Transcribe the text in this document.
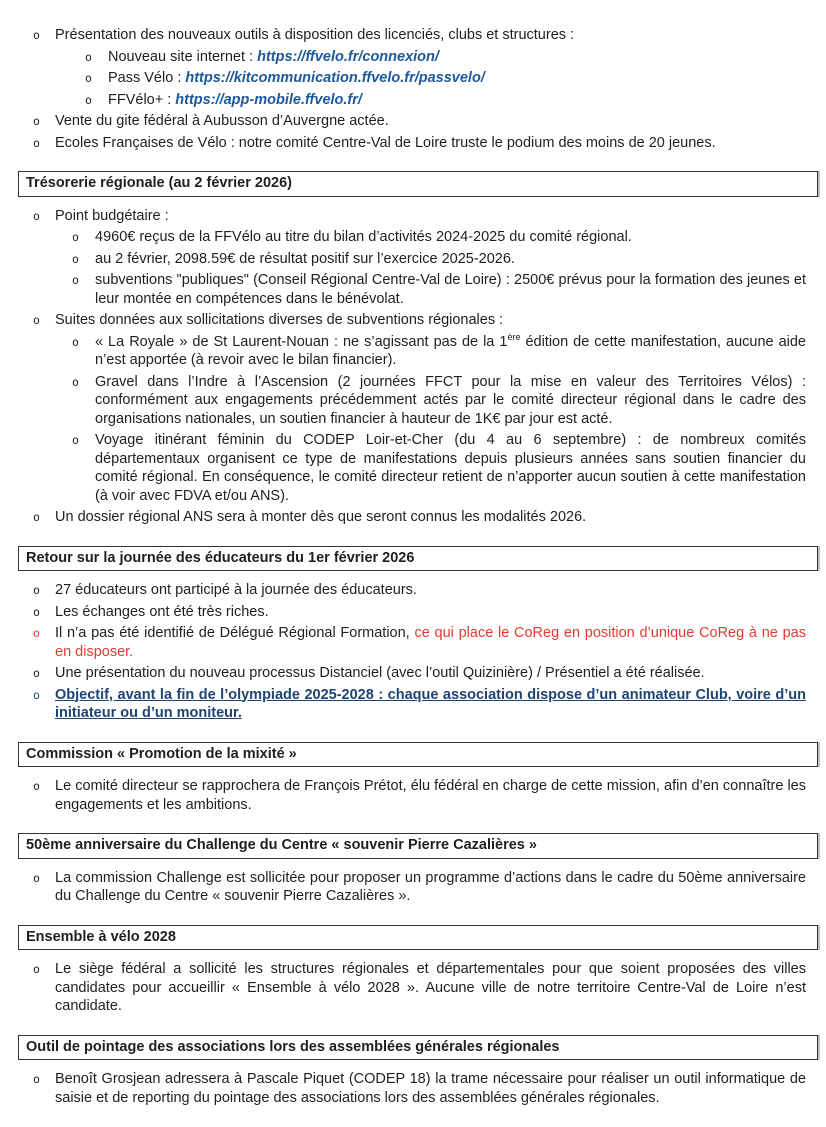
o	Présentation des nouveaux outils à disposition des licenciés, clubs et structures :
o	Nouveau site internet : https://ffvelo.fr/connexion/
o	Pass Vélo : https://kitcommunication.ffvelo.fr/passvelo/
o	FFVélo+ : https://app-mobile.ffvelo.fr/
o	Vente du gite fédéral à Aubusson d’Auvergne actée.
o	Ecoles Françaises de Vélo : notre comité Centre-Val de Loire truste le podium des moins de 20 jeunes.
Trésorerie régionale (au 2 février 2026)
o	Point budgétaire :
o	4960€ reçus de la FFVélo au titre du bilan d’activités 2024-2025 du comité régional.
o	au 2 février, 2098.59€ de résultat positif sur l’exercice 2025-2026.
o	subventions "publiques" (Conseil Régional Centre-Val de Loire) : 2500€ prévus pour la formation des jeunes et leur montée en compétences dans le bénévolat.
o	Suites données aux sollicitations diverses de subventions régionales :
o	« La Royale » de St Laurent-Nouan : ne s’agissant pas de la 1ère édition de cette manifestation, aucune aide n’est apportée (à revoir avec le bilan financier).
o	Gravel dans l’Indre à l’Ascension (2 journées FFCT pour la mise en valeur des Territoires Vélos) : conformément aux engagements précédemment actés par le comité directeur régional dans le cadre des organisations nationales, un soutien financier à hauteur de 1K€ par jour est acté.
o	Voyage itinérant féminin du CODEP Loir-et-Cher (du 4 au 6 septembre) : de nombreux comités départementaux organisent ce type de manifestations depuis plusieurs années sans soutien financier du comité régional. En conséquence, le comité directeur retient de n’apporter aucun soutien à cette manifestation (à voir avec FDVA et/ou ANS).
o	Un dossier régional ANS sera à monter dès que seront connus les modalités 2026.
Retour sur la journée des éducateurs du 1er février 2026
o	27 éducateurs ont participé à la journée des éducateurs.
o	Les échanges ont été très riches.
o	Il n’a pas été identifié de Délégué Régional Formation, ce qui place le CoReg en position d’unique CoReg à ne pas en disposer.
o	Une présentation du nouveau processus Distanciel (avec l’outil Quizinière) / Présentiel a été réalisée.
o	Objectif, avant la fin de l’olympiade 2025-2028 : chaque association dispose d’un animateur Club, voire d’un initiateur ou d’un moniteur.
Commission « Promotion de la mixité »
o	Le comité directeur se rapprochera de François Prétot, élu fédéral en charge de cette mission, afin d’en connaître les engagements et les ambitions.
50ème anniversaire du Challenge du Centre « souvenir Pierre Cazalières »
o	La commission Challenge est sollicitée pour proposer un programme d’actions dans le cadre du 50ème anniversaire du Challenge du Centre « souvenir Pierre Cazalières ».
Ensemble à vélo 2028
o	Le siège fédéral a sollicité les structures régionales et départementales pour que soient proposées des villes candidates pour accueillir « Ensemble à vélo 2028 ». Aucune ville de notre territoire Centre-Val de Loire n’est candidate.
Outil de pointage des associations lors des assemblées générales régionales
o	Benoît Grosjean adressera à Pascale Piquet (CODEP 18) la trame nécessaire pour réaliser un outil informatique de saisie et de reporting du pointage des associations lors des assemblées générales régionales.
